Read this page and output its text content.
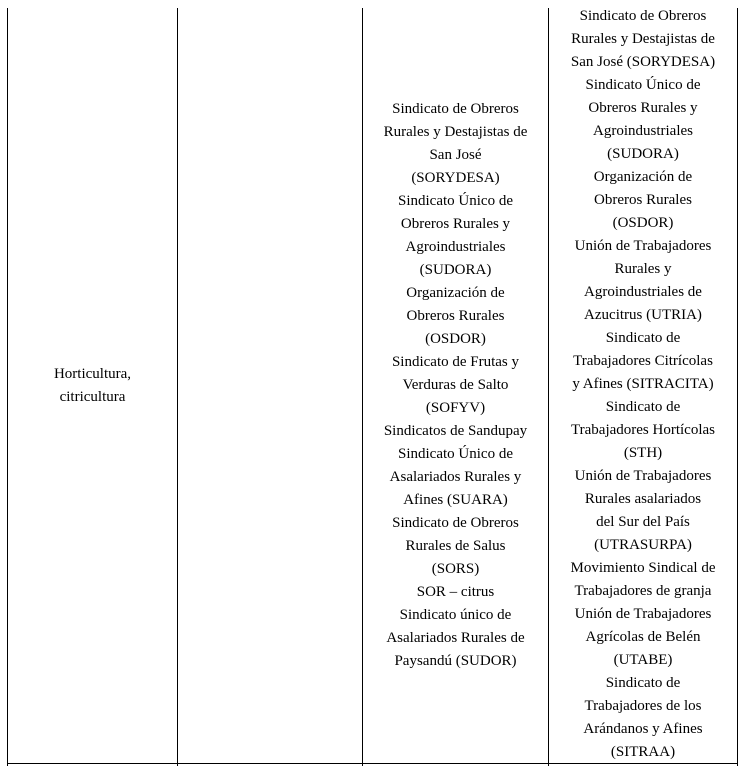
Horticultura,
citricultura
Sindicato de Obreros
Rurales y Destajistas de
San José
(SORYDESA)
Sindicato Único de
Obreros Rurales y
Agroindustriales
(SUDORA)
Organización de
Obreros Rurales
(OSDOR)
Sindicato de Frutas y
Verduras de Salto
(SOFYV)
Sindicatos de Sandupay
Sindicato Único de
Asalariados Rurales y
Afines (SUARA)
Sindicato de Obreros
Rurales de Salus
(SORS)
SOR – citrus
Sindicato único de
Asalariados Rurales de
Paysandú (SUDOR)
Sindicato de Obreros
Rurales y Destajistas de
San José (SORYDESA)
Sindicato Único de
Obreros Rurales y
Agroindustriales
(SUDORA)
Organización de
Obreros Rurales
(OSDOR)
Unión de Trabajadores
Rurales y
Agroindustriales de
Azucitrus (UTRIA)
Sindicato de
Trabajadores Citrícolas
y Afines (SITRACITA)
Sindicato de
Trabajadores Hortícolas
(STH)
Unión de Trabajadores
Rurales asalariados
del Sur del País
(UTRASURPA)
Movimiento Sindical de
Trabajadores de granja
Unión de Trabajadores
Agrícolas de Belén
(UTABE)
Sindicato de
Trabajadores de los
Arándanos y Afines
(SITRAA)
